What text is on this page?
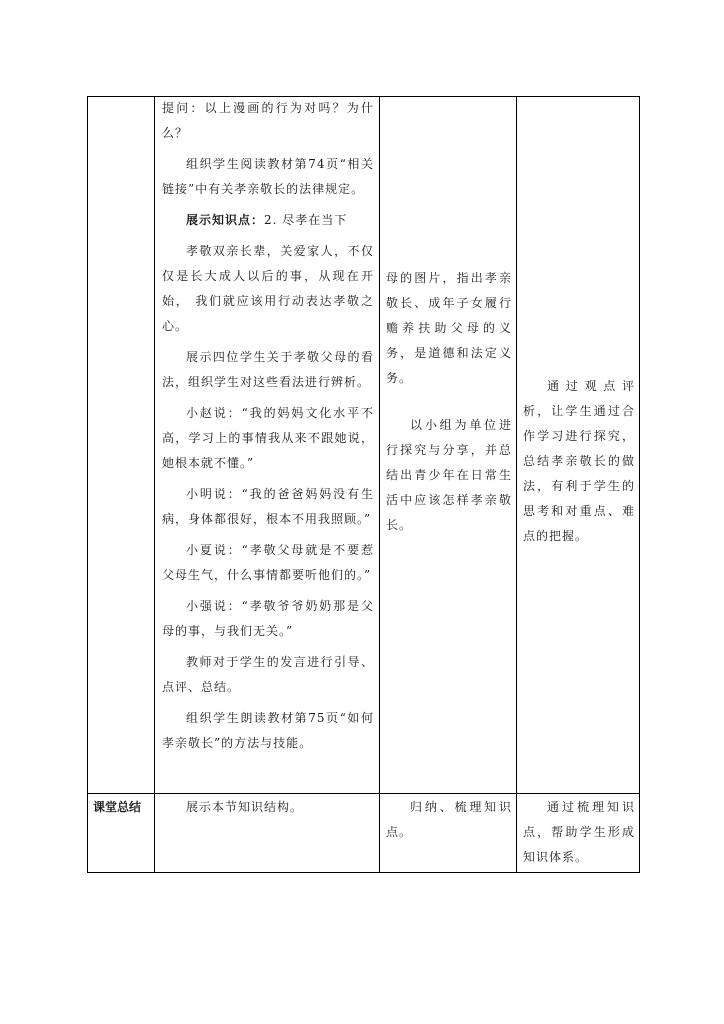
提问：以上漫画的行为对吗？为什么？

组织学生阅读教材第74页“相关链接”中有关孝亲敬长的法律规定。

展示知识点：2. 尽孝在当下

孝敬双亲长辈，关爱家人，不仅仅是长大成人以后的事，从现在开始， 我们就应该用行动表达孝敬之心。

展示四位学生关于孝敬父母的看法，组织学生对这些看法进行辨析。

小赵说：“我的妈妈文化水平不高，学习上的事情我从来不跟她说，她根本就不懂。”

小明说：“我的爸爸妈妈没有生病，身体都很好，根本不用我照顾。”

小夏说：“孝敬父母就是不要惹父母生气，什么事情都要听他们的。”

小强说：“孝敬爷爷奶奶那是父母的事，与我们无关。”

教师对于学生的发言进行引导、点评、总结。

组织学生朗读教材第75页“如何孝亲敬长”的方法与技能。

母的图片，指出孝亲敬长、成年子女履行赡养扶助父母的义务，是道德和法定义务。

以小组为单位进行探究与分享，并总结出青少年在日常生活中应该怎样孝亲敬长。

通过观点评析，让学生通过合作学习进行探究，总结孝亲敬长的做法，有利于学生的思考和对重点、难点的把握。

课堂总结	展示本节知识结构。	归纳、梳理知识点。

通过梳理知识点，帮助学生形成知识体系。
